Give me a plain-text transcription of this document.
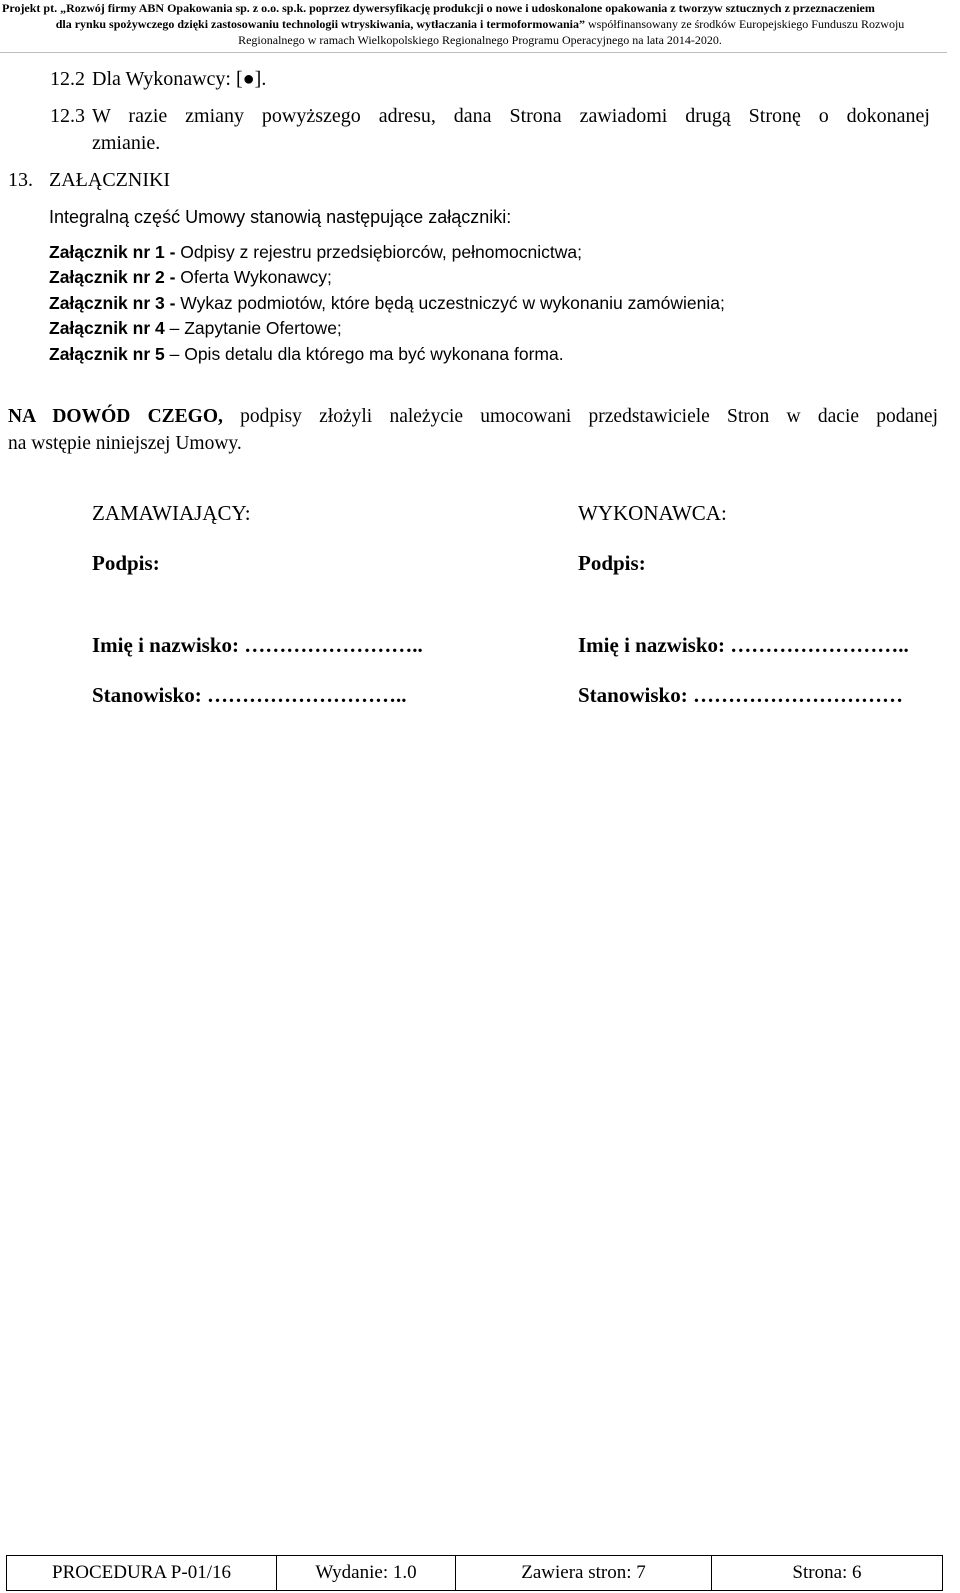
Projekt pt. „Rozwój firmy ABN Opakowania sp. z o.o. sp.k. poprzez dywersyfikację produkcji o nowe i udoskonalone opakowania z tworzyw sztucznych z przeznaczeniem
dla rynku spożywczego dzięki zastosowaniu technologii wtryskiwania, wytłaczania i termoformowania” współfinansowany ze środków Europejskiego Funduszu Rozwoju
Regionalnego w ramach Wielkopolskiego Regionalnego Programu Operacyjnego na lata 2014-2020.
12.2 Dla Wykonawcy: [●].
12.3 W razie zmiany powyższego adresu, dana Strona zawiadomi drugą Stronę o dokonanej
zmianie.
13. ZAŁĄCZNIKI
Integralną część Umowy stanowią następujące załączniki:
Załącznik nr 1 - Odpisy z rejestru przedsiębiorców, pełnomocnictwa;
Załącznik nr 2 - Oferta Wykonawcy;
Załącznik nr 3 - Wykaz podmiotów, które będą uczestniczyć w wykonaniu zamówienia;
Załącznik nr 4 – Zapytanie Ofertowe;
Załącznik nr 5 – Opis detalu dla którego ma być wykonana forma.
NA DOWÓD CZEGO, podpisy złożyli należycie umocowani przedstawiciele Stron w dacie podanej
na wstępie niniejszej Umowy.
ZAMAWIAJĄCY:
Podpis:
Imię i nazwisko: ……………………..
Stanowisko: ………………………..
WYKONAWCA:
Podpis:
Imię i nazwisko: ……………………..
Stanowisko: …………………………
PROCEDURA P-01/16	Wydanie: 1.0	Zawiera stron: 7	Strona: 6
